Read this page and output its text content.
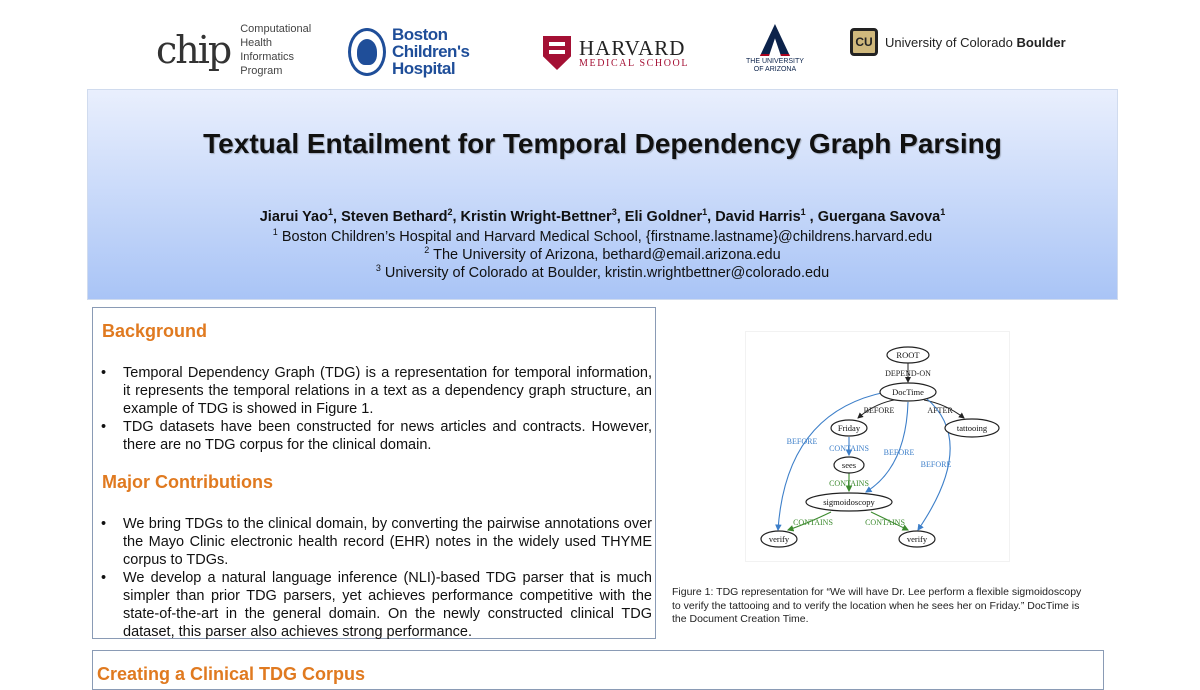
chip Computational
Health
Informatics
Program
Boston
Children's
Hospital
HARVARD
MEDICAL SCHOOL	THE UNIVERSITY
OF ARIZONA
CU University of Colorado Boulder
Textual Entailment for Temporal Dependency Graph Parsing
Jiarui Yao$^1$, Steven Bethard$^2$, Kristin Wright-Bettner$^3$, Eli Goldner$^1$, David Harris$^1$ , Guergana Savova$^1$
$^1$ Boston Children’s Hospital and Harvard Medical School, {firstname.lastname}@childrens.harvard.edu
$^2$ The University of Arizona, bethard@email.arizona.edu
$^3$ University of Colorado at Boulder, kristin.wrightbettner@colorado.edu
Background
• Temporal Dependency Graph (TDG) is a representation for temporal information, it represents the temporal relations in a text as a dependency graph structure, an example of TDG is showed in Figure 1.
• TDG datasets have been constructed for news articles and contracts. However, there are no TDG corpus for the clinical domain.
Major Contributions
• We bring TDGs to the clinical domain, by converting the pairwise annotations over the Mayo Clinic electronic health record (EHR) notes in the widely used THYME corpus to TDGs.
• We develop a natural language inference (NLI)-based TDG parser that is much simpler than prior TDG parsers, yet achieves performance competitive with the state-of-the-art in the general domain. On the newly constructed clinical TDG dataset, this parser also achieves strong performance.
DEPEND-ON
BEFORE	AFTER
BEFORE
CONTAINS BEFORE
BEFORE
CONTAINS
CONTAINS	CONTAINS
ROOT
DocTime
Friday	tattooing
sees
sigmoidoscopy
verify	verify
Figure 1: TDG representation for “We will have Dr. Lee perform a flexible sigmoidoscopy to verify the tattooing and to verify the location when he sees her on Friday.” DocTime is the Document Creation Time.
Creating a Clinical TDG Corpus
